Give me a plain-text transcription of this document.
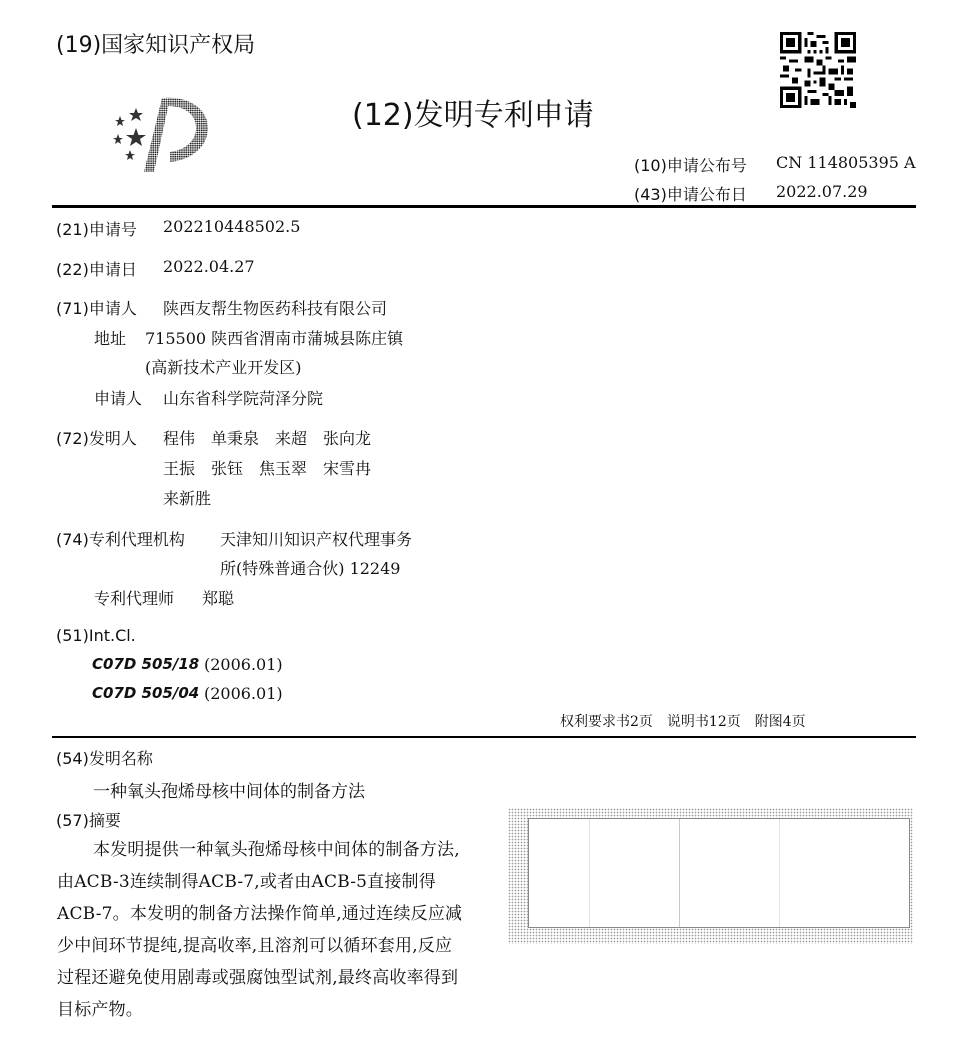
(19)国家知识产权局
(12)发明专利申请
(10)申请公布号 CN 114805395 A
(43)申请公布日 2022.07.29
(21)申请号 202210448502.5
(22)申请日 2022.04.27
(71)申请人 陕西友帮生物医药科技有限公司
地址 715500 陕西省渭南市蒲城县陈庄镇
(高新技术产业开发区)
申请人 山东省科学院菏泽分院
(72)发明人 程伟　单秉泉　来超　张向龙
王振　张钰　焦玉翠　宋雪冉
来新胜
(74)专利代理机构 天津知川知识产权代理事务
所(特殊普通合伙) 12249
专利代理师 郑聪
(51)Int.Cl.
C07D 505/18 (2006.01)
C07D 505/04 (2006.01)
权利要求书2页　说明书12页　附图4页
(54)发明名称
一种氧头孢烯母核中间体的制备方法
(57)摘要

本发明提供一种氧头孢烯母核中间体的制备方法,由ACB-3连续制得ACB-7,或者由ACB-5直接制得ACB-7。本发明的制备方法操作简单,通过连续反应减少中间环节提纯,提高收率,且溶剂可以循环套用,反应过程还避免使用剧毒或强腐蚀型试剂,最终高收率得到目标产物。
